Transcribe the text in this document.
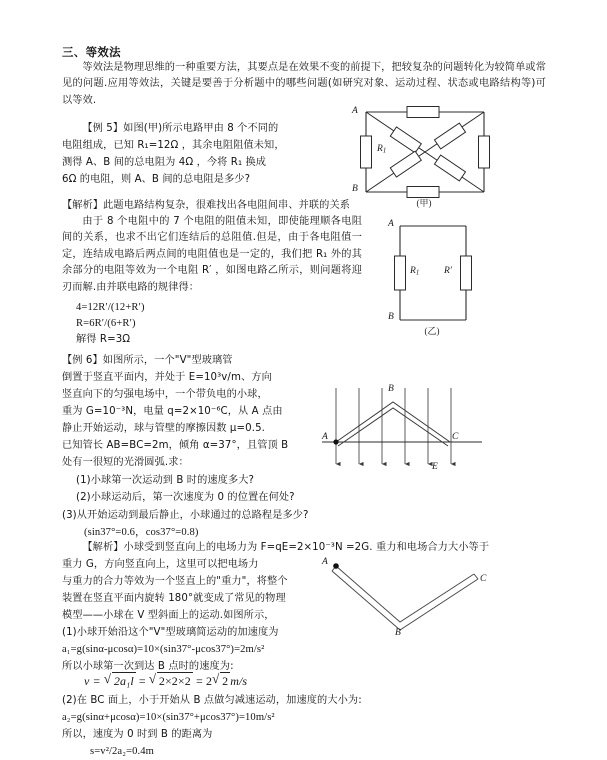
三、等效法
等效法是物理思维的一种重要方法，其要点是在效果不变的前提下，把较复杂的问题转化为较简单或常见的问题.应用等效法，关键是要善于分析题中的哪些问题(如研究对象、运动过程、状态或电路结构等)可以等效.
【例 5】如图(甲)所示电路甲由 8 个不同的
电阻组成，已知 R₁=12Ω ，其余电阻阻值未知，
测得 A、B 间的总电阻为 4Ω ，今将 R₁ 换成
6Ω 的电阻，则 A、B 间的总电阻是多少?
A
B
$R_1$
(甲)
【解析】此题电路结构复杂，很难找出各电阻间串、并联的关系
由于 8 个电阻中的 7 个电阻的阻值未知，即使能理顺各电阻间的关系，也求不出它们连结后的总阻值.但是，由于各电阻值一定，连结成电路后两点间的电阻值也是一定的，我们把 R₁ 外的其余部分的电阻等效为一个电阻 R′ ，如图电路乙所示，则问题将迎刃而解.由并联电路的规律得：
4=12R′/(12+R′)
R=6R′/(6+R′)
解得 R=3Ω
A
B
$R_1$	R′
(乙)
【例 6】如图所示，一个"V"型玻璃管
倒置于竖直平面内，并处于 E=10³v/m、方向
竖直向下的匀强电场中，一个带负电的小球，
重为 G=10⁻³N，电量 q=2×10⁻⁶C，从 A 点由
静止开始运动，球与管壁的摩擦因数 μ=0.5.
已知管长 AB=BC=2m，倾角 α=37°，且管顶 B
处有一很短的光滑圆弧.求：
(1)小球第一次运动到 B 时的速度多大?
(2)小球运动后，第一次速度为 0 的位置在何处?
(3)从开始运动到最后静止，小球通过的总路程是多少?
(sin37°=0.6，cos37°=0.8)
A
B
C
E
【解析】小球受到竖直向上的电场力为 F=qE=2×10⁻³N =2G. 重力和电场合力大小等于
重力 G，方向竖直向上，这里可以把电场力
与重力的合力等效为一个竖直上的"重力"，将整个
装置在竖直平面内旋转 180°就变成了常见的物理
模型——小球在 V 型斜面上的运动.如图所示，
A
B
C
(1)小球开始沿这个"V"型玻璃简运动的加速度为
a₁=g(sinα-μcosα)=10×(sin37°-μcos37°)=2m/s²
所以小球第一次到达 B 点时的速度为:
v = √ 2a₁l = √ 2×2×2 = 2 √ 2 m/s
(2)在 BC 面上，小于开始从 B 点做匀减速运动，加速度的大小为:
a₂=g(sinα+μcosα)=10×(sin37°+μcos37°)=10m/s²
所以，速度为 0 时到 B 的距离为
s=v²/2a₂=0.4m
